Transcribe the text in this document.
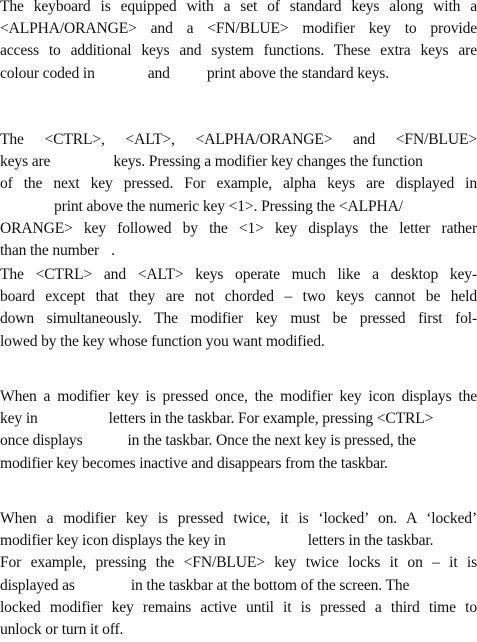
The keyboard is equipped with a set of standard keys along with a
<ALPHA/ORANGE> and a <FN/BLUE> modifier key to provide
access to additional keys and system functions. These extra keys are
colour coded in	and print above the standard keys.
The <CTRL>, <ALT>, <ALPHA/ORANGE> and <FN/BLUE>
keys are	keys. Pressing a modifier key changes the function
of the next key pressed. For example, alpha keys are displayed in
print above the numeric key <1>. Pressing the <ALPHA/
ORANGE> key followed by the <1> key displays the letter rather
than the number .
The <CTRL> and <ALT> keys operate much like a desktop key-
board except that they are not chorded – two keys cannot be held
down simultaneously. The modifier key must be pressed first fol-
lowed by the key whose function you want modified.
When a modifier key is pressed once, the modifier key icon displays the
key in	letters in the taskbar. For example, pressing <CTRL>
once displays	in the taskbar. Once the next key is pressed, the
modifier key becomes inactive and disappears from the taskbar.
When a modifier key is pressed twice, it is ‘locked’ on. A ‘locked’
modifier key icon displays the key in	letters in the taskbar.
For example, pressing the <FN/BLUE> key twice locks it on – it is
displayed as	in the taskbar at the bottom of the screen. The
locked modifier key remains active until it is pressed a third time to
unlock or turn it off.
